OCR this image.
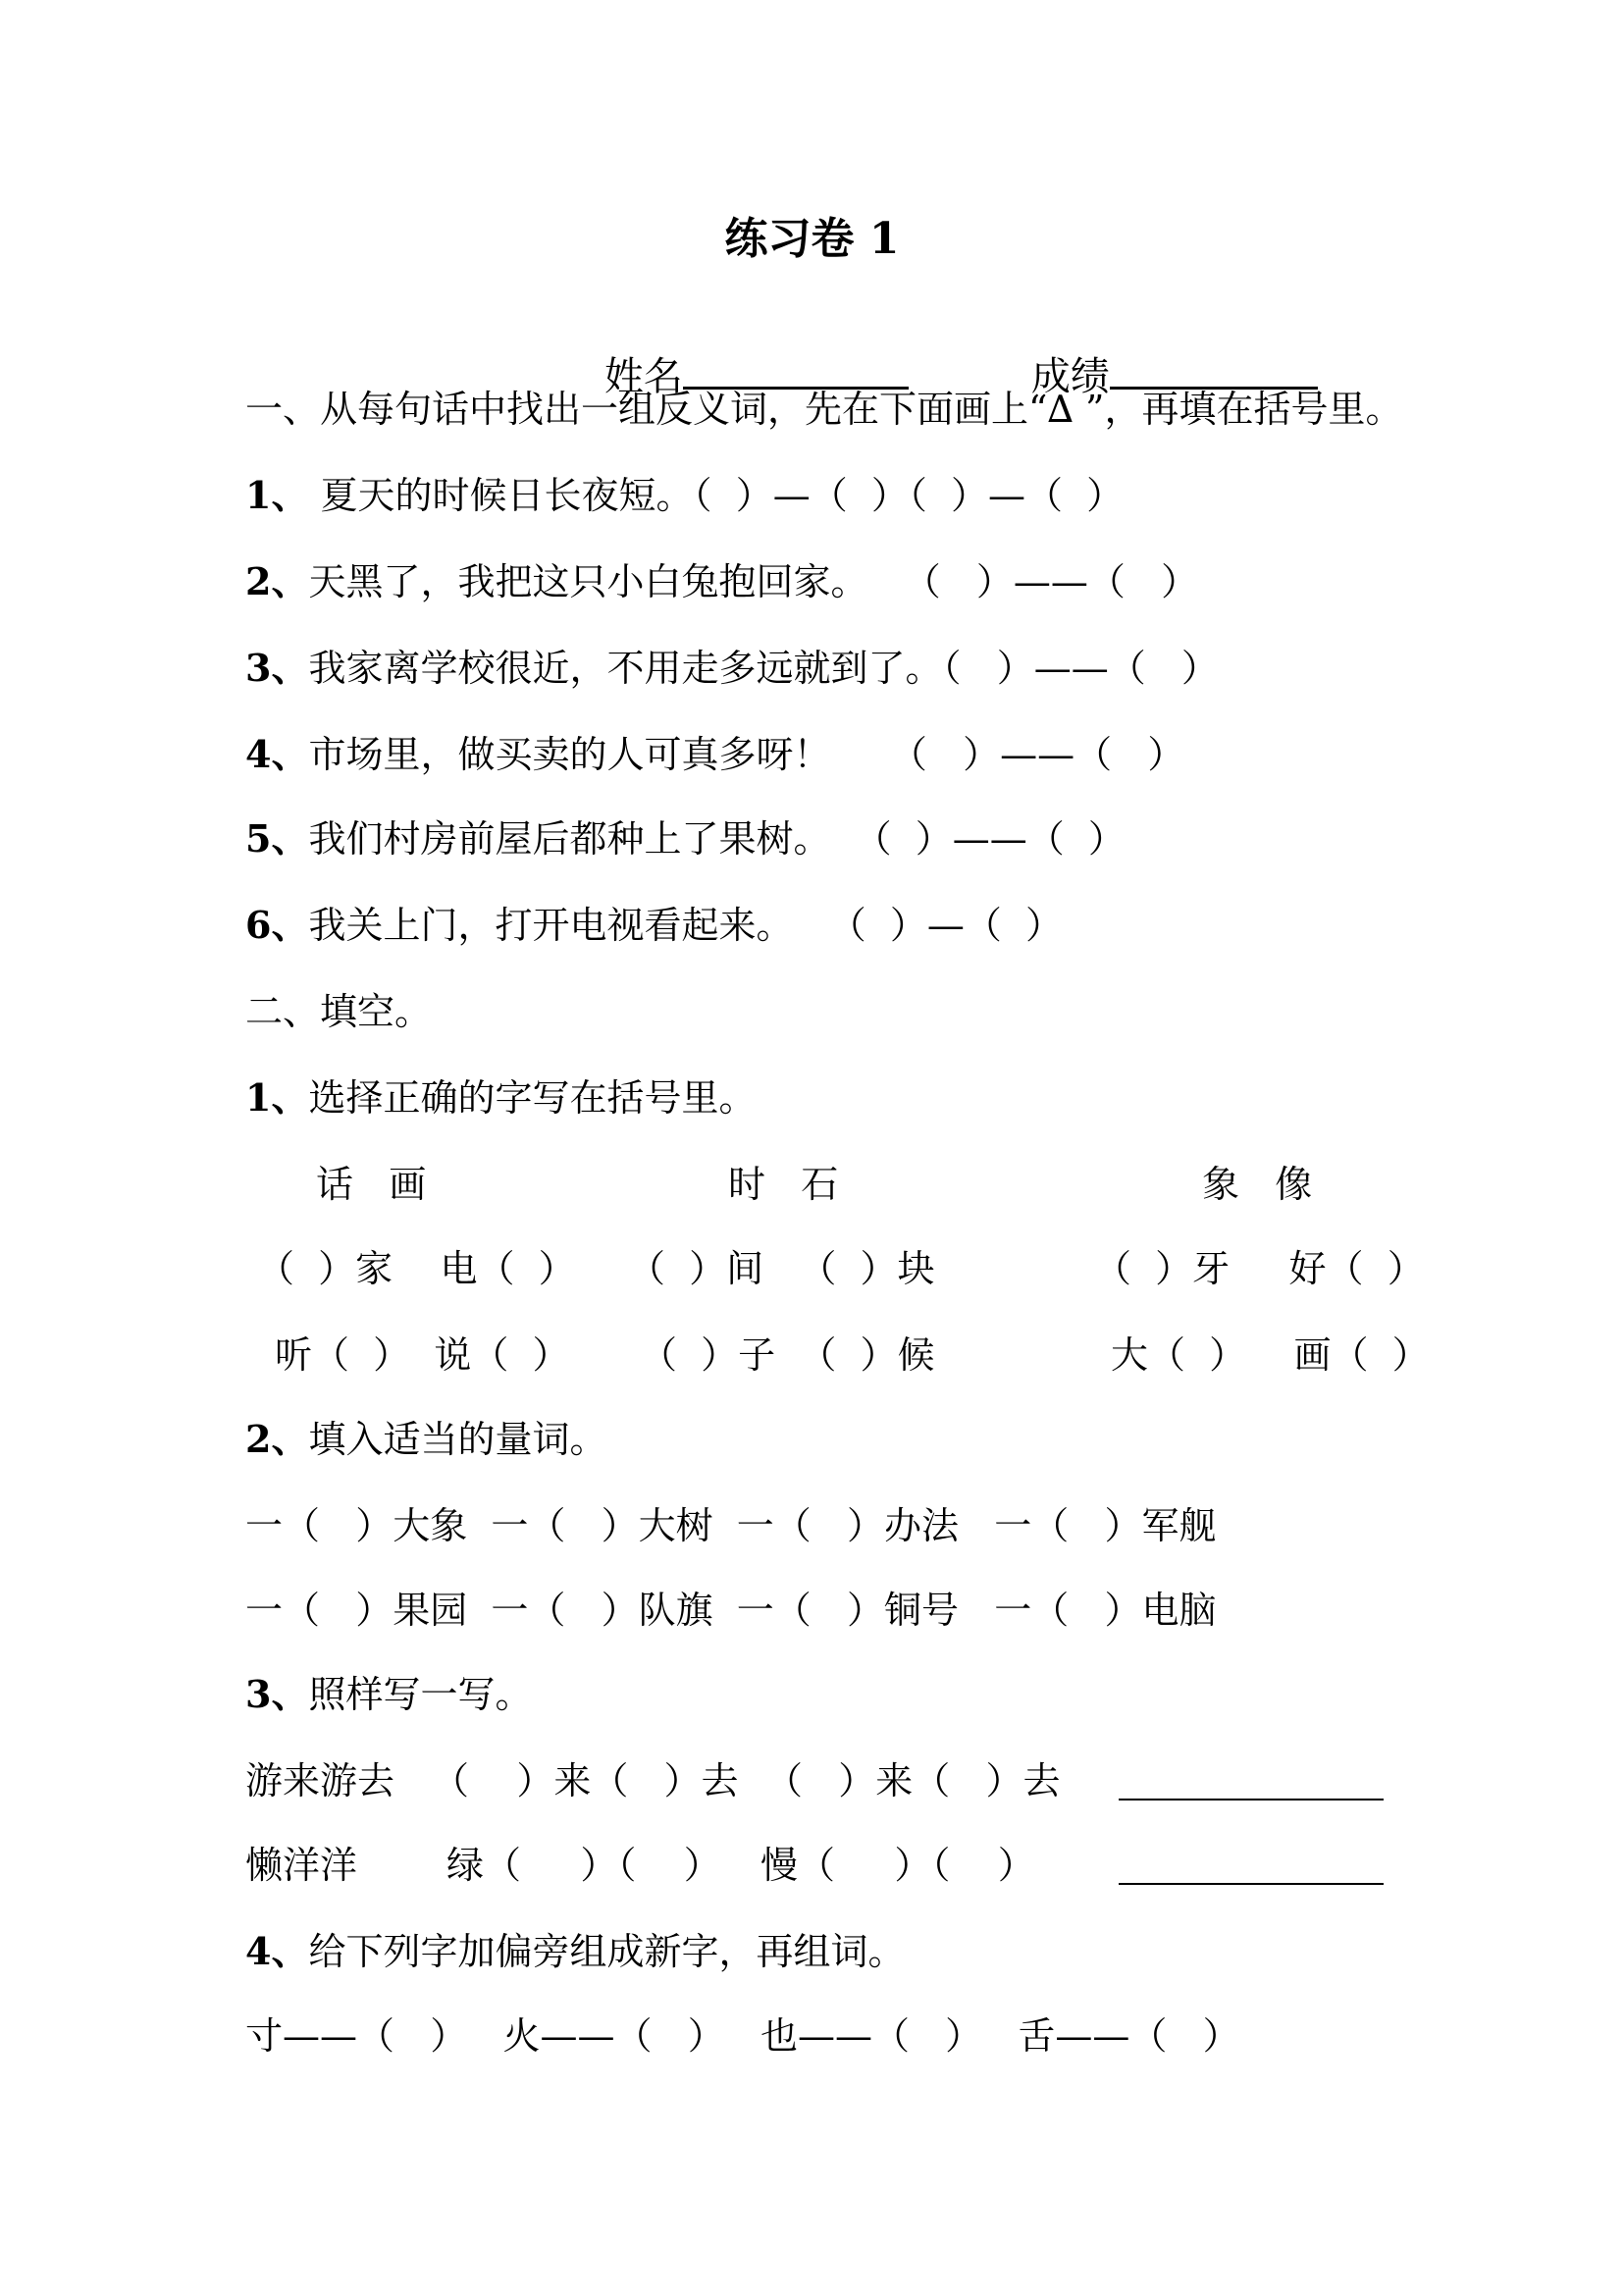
练习卷 1

姓名
	成绩

一、从每句话中找出一组反义词，先在下面画上“∆ ”，再填在括号里。
1、 夏天的时候日长夜短。（  ）—（  ）（  ）—（  ）
2、天黑了，我把这只小白兔抱回家。   （   ）——（   ）
3、我家离学校很近，不用走多远就到了。（   ）——（   ）
4、市场里，做买卖的人可真多呀！     （   ）——（   ）
5、我们村房前屋后都种上了果树。  （  ）——（  ）
6、我关上门，打开电视看起来。   （  ）—（  ）
二、填空。
1、选择正确的字写在括号里。
话   画	时   石	象   像
（  ）家    电（  ） （  ）间   （  ）块	（  ）牙     好（  ）
听（  ）  说（  ） （  ）子  （  ）候	大（  ）    画（  ）
2、填入适当的量词。
一（   ）大象  一（   ）大树  一（   ）办法   一（   ）军舰
一（   ）果园  一（   ）队旗  一（   ）铜号   一（   ）电脑
3、照样写一写。
游来游去 （    ）来（   ）去 （   ）来（   ）去
懒洋洋 绿（     ）（    ） 慢（     ）（    ）
4、给下列字加偏旁组成新字，再组词。
寸——（   ）   火——（   ）   也——（   ）   舌——（   ）
